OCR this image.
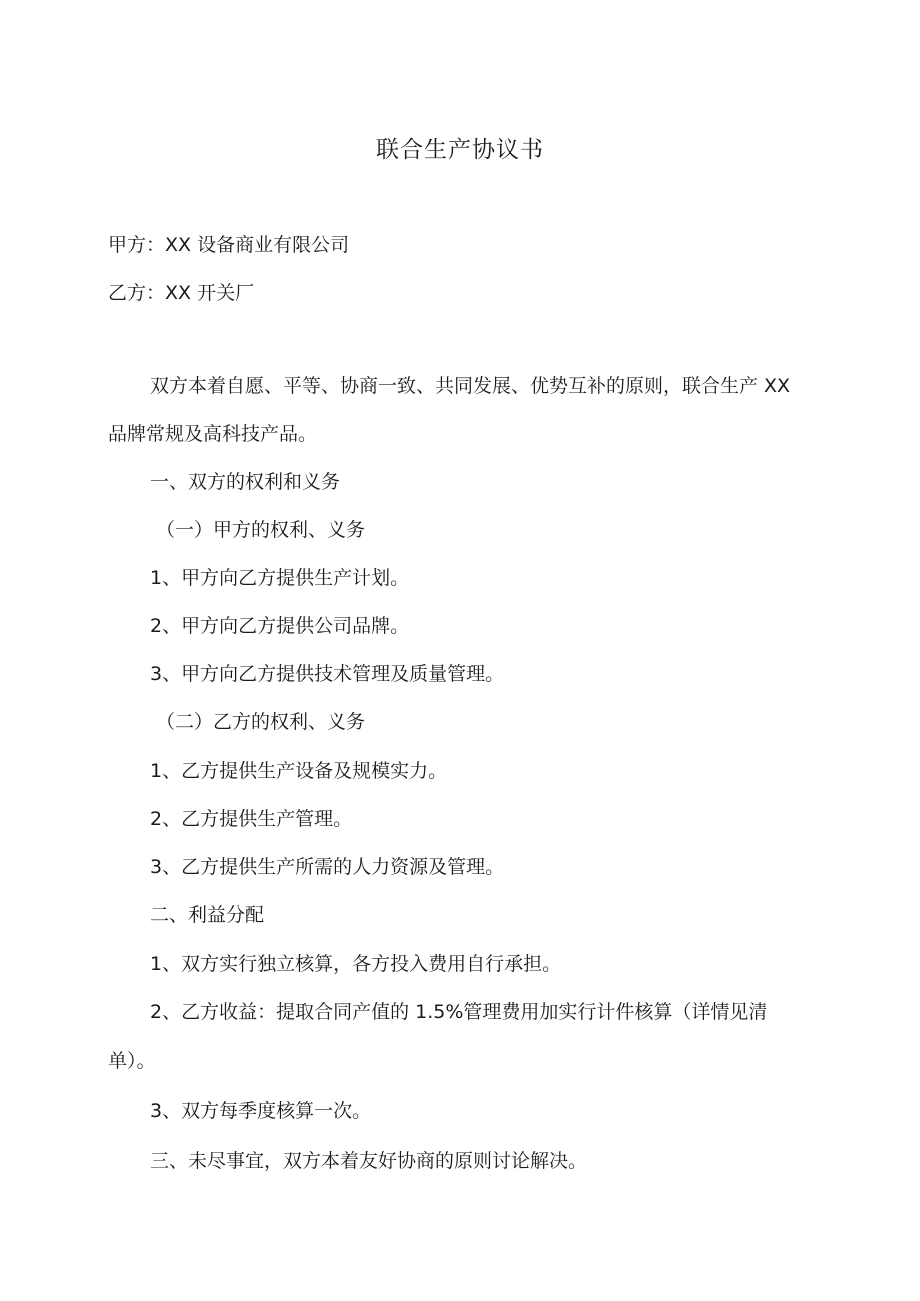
联合生产协议书
甲方：XX 设备商业有限公司
乙方：XX 开关厂
双方本着自愿、平等、协商一致、共同发展、优势互补的原则，联合生产 XX
品牌常规及高科技产品。
一、双方的权利和义务
（一）甲方的权利、义务
1、甲方向乙方提供生产计划。
2、甲方向乙方提供公司品牌。
3、甲方向乙方提供技术管理及质量管理。
（二）乙方的权利、义务
1、乙方提供生产设备及规模实力。
2、乙方提供生产管理。
3、乙方提供生产所需的人力资源及管理。
二、利益分配
1、双方实行独立核算，各方投入费用自行承担。
2、乙方收益：提取合同产值的 1.5%管理费用加实行计件核算（详情见清
单）。
3、双方每季度核算一次。
三、未尽事宜，双方本着友好协商的原则讨论解决。
